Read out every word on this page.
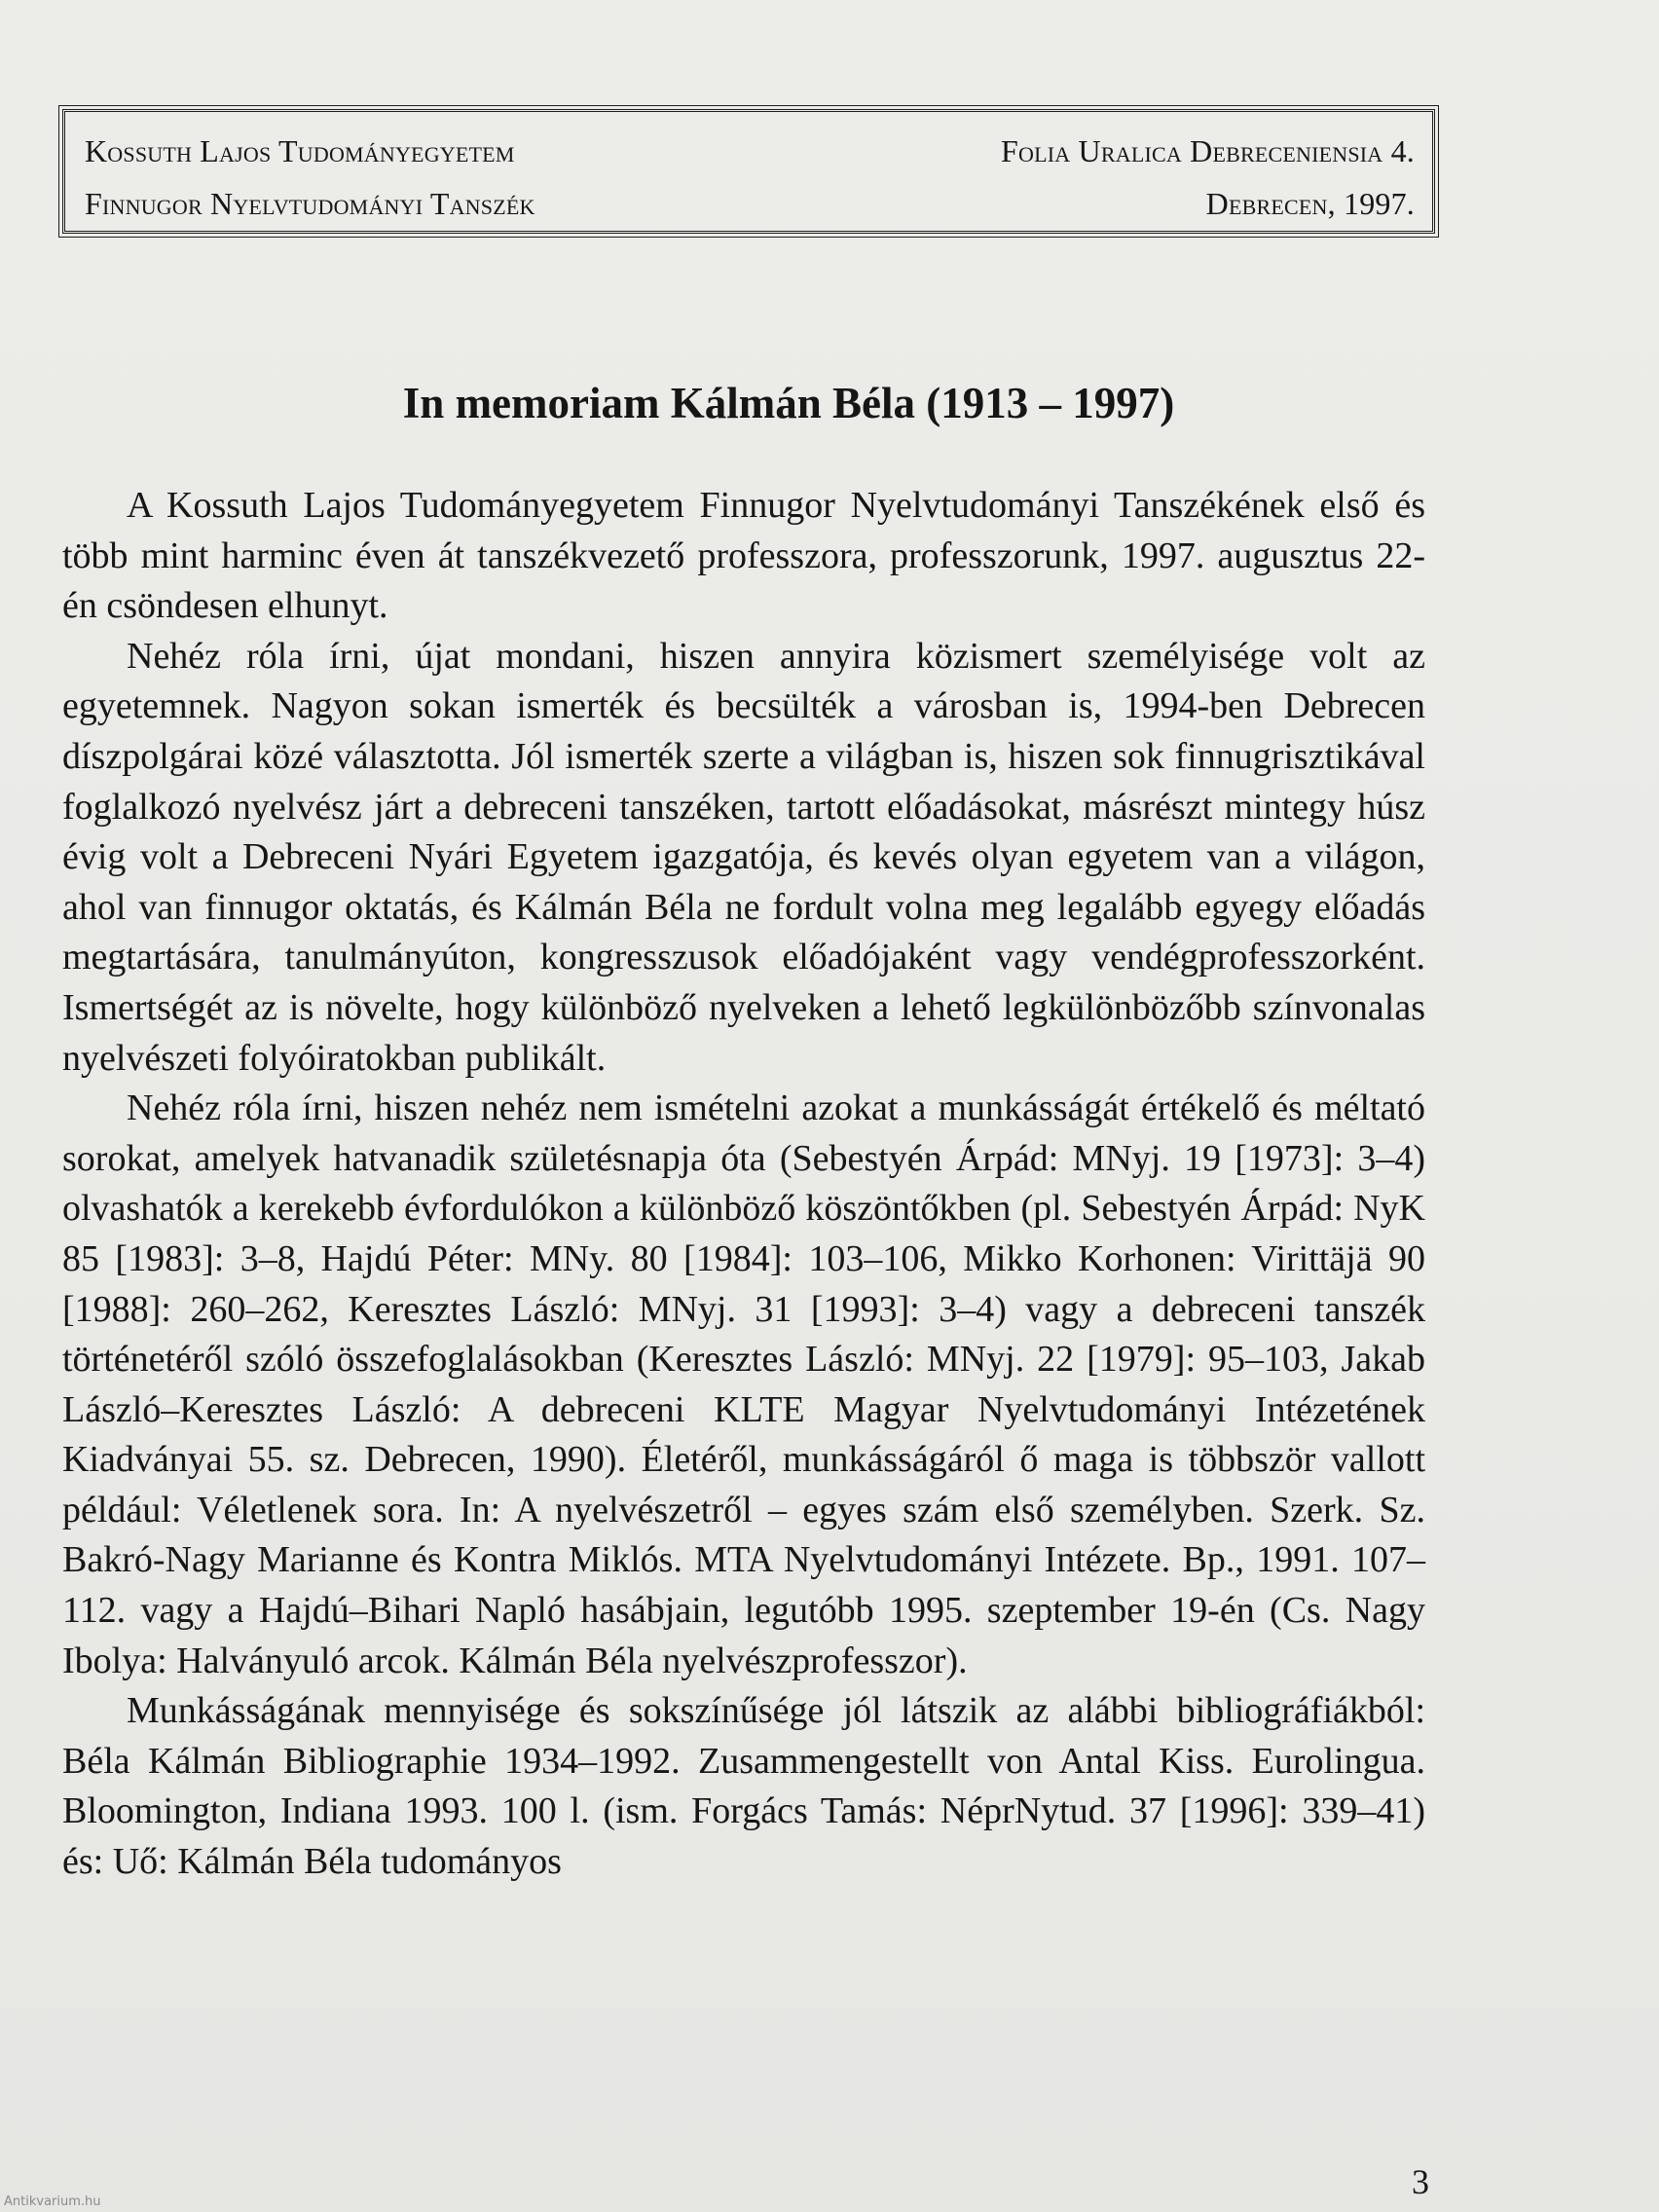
Kossuth Lajos Tudományegyetem	Folia Uralica Debreceniensia 4.
Finnugor Nyelvtudományi Tanszék	Debrecen, 1997.
In memoriam Kálmán Béla (1913 – 1997)

A Kossuth Lajos Tudományegyetem Finnugor Nyelvtudományi Tanszékének első és több mint harminc éven át tanszékvezető professzora, professzorunk, 1997. augusztus 22-én csöndesen elhunyt.

Nehéz róla írni, újat mondani, hiszen annyira közismert személyisége volt az egyetemnek. Nagyon sokan ismerték és becsülték a városban is, 1994-ben Debrecen díszpolgárai közé választotta. Jól ismerték szerte a világban is, hiszen sok finnugrisztikával foglalkozó nyelvész járt a debreceni tanszéken, tartott előadásokat, másrészt mintegy húsz évig volt a Debreceni Nyári Egyetem igazgatója, és kevés olyan egyetem van a világon, ahol van finnugor oktatás, és Kálmán Béla ne fordult volna meg legalább egyegy előadás megtartására, tanulmányúton, kongresszusok előadójaként vagy vendégprofesszorként. Ismertségét az is növelte, hogy különböző nyelveken a lehető legkülönbözőbb színvonalas nyelvészeti folyóiratokban publikált.

Nehéz róla írni, hiszen nehéz nem ismételni azokat a munkásságát értékelő és méltató sorokat, amelyek hatvanadik születésnapja óta (Sebestyén Árpád: MNyj. 19 [1973]: 3–4) olvashatók a kerekebb évfordulókon a különböző köszöntőkben (pl. Sebestyén Árpád: NyK 85 [1983]: 3–8, Hajdú Péter: MNy. 80 [1984]: 103–106, Mikko Korhonen: Virittäjä 90 [1988]: 260–262, Keresztes László: MNyj. 31 [1993]: 3–4) vagy a debreceni tanszék történetéről szóló összefoglalásokban (Keresztes László: MNyj. 22 [1979]: 95–103, Jakab László–Keresztes László: A debreceni KLTE Magyar Nyelvtudományi Intézetének Kiadványai 55. sz. Debrecen, 1990). Életéről, munkásságáról ő maga is többször vallott például: Véletlenek sora. In: A nyelvészetről – egyes szám első személyben. Szerk. Sz. Bakró-Nagy Marianne és Kontra Miklós. MTA Nyelvtudományi Intézete. Bp., 1991. 107–112. vagy a Hajdú–Bihari Napló hasábjain, legutóbb 1995. szeptember 19-én (Cs. Nagy Ibolya: Halványuló arcok. Kálmán Béla nyelvészprofesszor).

Munkásságának mennyisége és sokszínűsége jól látszik az alábbi bibliográfiákból: Béla Kálmán Bibliographie 1934–1992. Zusammengestellt von Antal Kiss. Eurolingua. Bloomington, Indiana 1993. 100 l. (ism. Forgács Tamás: NéprNytud. 37 [1996]: 339–41) és: Uő: Kálmán Béla tudományos

3
Antikvarium.hu
